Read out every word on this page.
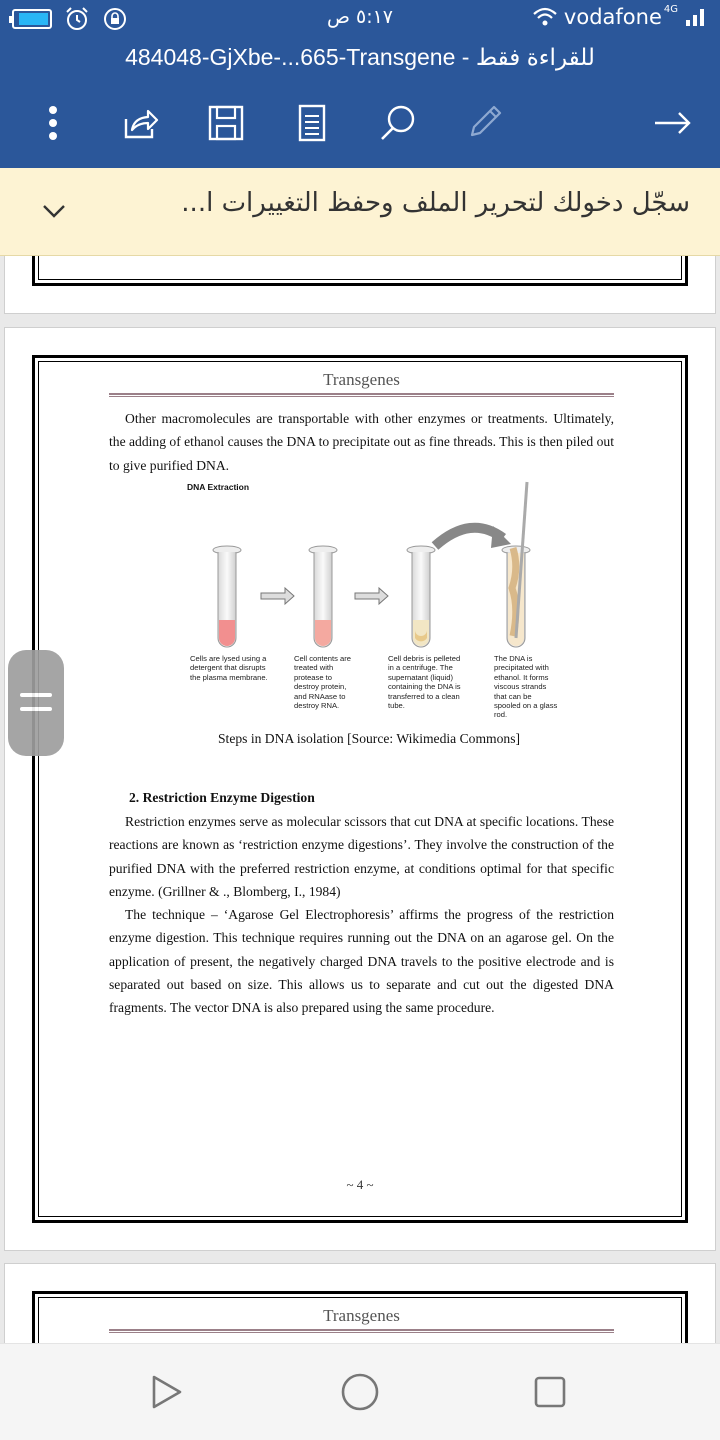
٥:١٧ ص	vodafone 4G
484048-GjXbe-...665-Transgene - للقراءة فقط
سجّل دخولك لتحرير الملف وحفظ التغييرات ا...
Transgenes
Other macromolecules are transportable with other enzymes or treatments. Ultimately, the adding of ethanol causes the DNA to precipitate out as fine threads. This is then piled out to give purified DNA.
DNA Extraction
Cells are lysed using a detergent that disrupts the plasma membrane.
Cell contents are treated with protease to destroy protein, and RNAase to destroy RNA.
Cell debris is pelleted in a centrifuge. The supernatant (liquid) containing the DNA is transferred to a clean tube.
The DNA is precipitated with ethanol. It forms viscous strands that can be spooled on a glass rod.
Steps in DNA isolation [Source: Wikimedia Commons]
2. Restriction Enzyme Digestion
Restriction enzymes serve as molecular scissors that cut DNA at specific locations. These reactions are known as ‘restriction enzyme digestions’. They involve the construction of the purified DNA with the preferred restriction enzyme, at conditions optimal for that specific enzyme. (Grillner & ., Blomberg, I., 1984)
The technique – ‘Agarose Gel Electrophoresis’ affirms the progress of the restriction enzyme digestion. This technique requires running out the DNA on an agarose gel. On the application of present, the negatively charged DNA travels to the positive electrode and is separated out based on size. This allows us to separate and cut out the digested DNA fragments. The vector DNA is also prepared using the same procedure.
~ 4 ~
Transgenes
